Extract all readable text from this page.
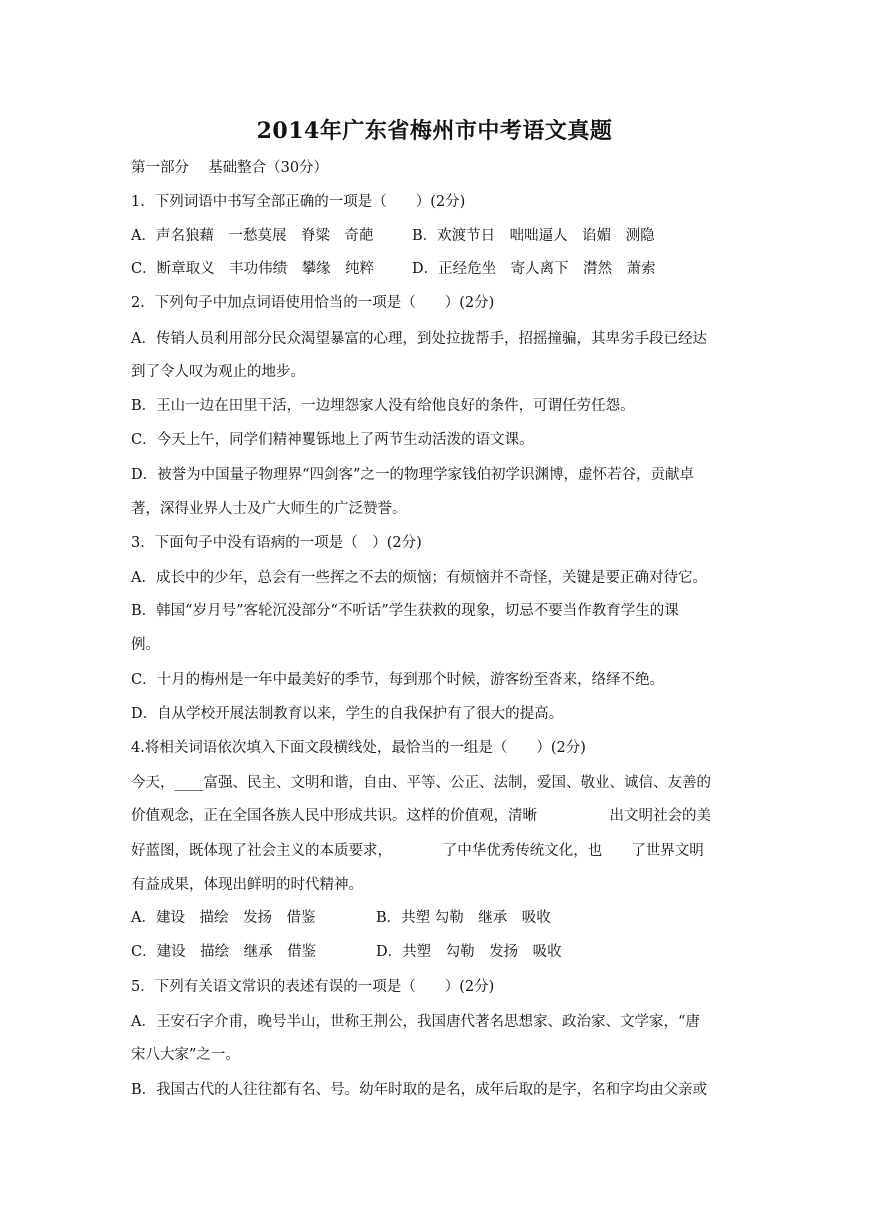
2014年广东省梅州市中考语文真题
第一部分　 基础整合（30分）
1．下列词语中书写全部正确的一项是（　　）(2分)
A．声名狼藉　一愁莫展　脊粱　奇葩	B．欢渡节日　咄咄逼人　谄媚　测隐
C．断章取义　丰功伟绩　攀缘　纯粹	D．正经危坐　寄人离下　潸然　萧索
2．下列句子中加点词语使用恰当的一项是（　　）(2分)
A．传销人员利用部分民众渴望暴富的心理，到处拉拢帮手，招摇撞骗，其卑劣手段已经达
到了令人叹为观止的地步。
B．王山一边在田里干活，一边埋怨家人没有给他良好的条件，可谓任劳任怨。
C．今天上午，同学们精神矍铄地上了两节生动活泼的语文课。
D．被誉为中国量子物理界“四剑客”之一的物理学家钱伯初学识渊博，虚怀若谷，贡献卓
著，深得业界人士及广大师生的广泛赞誉。
3．下面句子中没有语病的一项是（　）(2分)
A．成长中的少年，总会有一些挥之不去的烦恼；有烦恼并不奇怪，关键是要正确对待它。
B．韩国“岁月号”客轮沉没部分“不听话”学生获救的现象，切忌不要当作教育学生的课
例。
C．十月的梅州是一年中最美好的季节，每到那个时候，游客纷至沓来，络绎不绝。
D．自从学校开展法制教育以来，学生的自我保护有了很大的提高。
4.将相关词语依次填入下面文段横线处，最恰当的一组是（　　）(2分)
今天，____富强、民主、文明和谐，自由、平等、公正、法制，爱国、敬业、诚信、友善的
价值观念，正在全国各族人民中形成共识。这样的价值观，清晰　　　　　出文明社会的美
好蓝图，既体现了社会主义的本质要求，　　　　了中华优秀传统文化，也　　了世界文明
有益成果，体现出鲜明的时代精神。
A．建设　描绘　发扬　借鉴	B．共塑 勾勒　继承　吸收
C．建设　描绘　继承　借鉴	D．共塑　勾勒　发扬　吸收
5．下列有关语文常识的表述有误的一项是（　　）(2分)
A．王安石字介甫，晚号半山，世称王荆公，我国唐代著名思想家、政治家、文学家，“唐
宋八大家”之一。
B．我国古代的人往往都有名、号。幼年时取的是名，成年后取的是字，名和字均由父亲或
